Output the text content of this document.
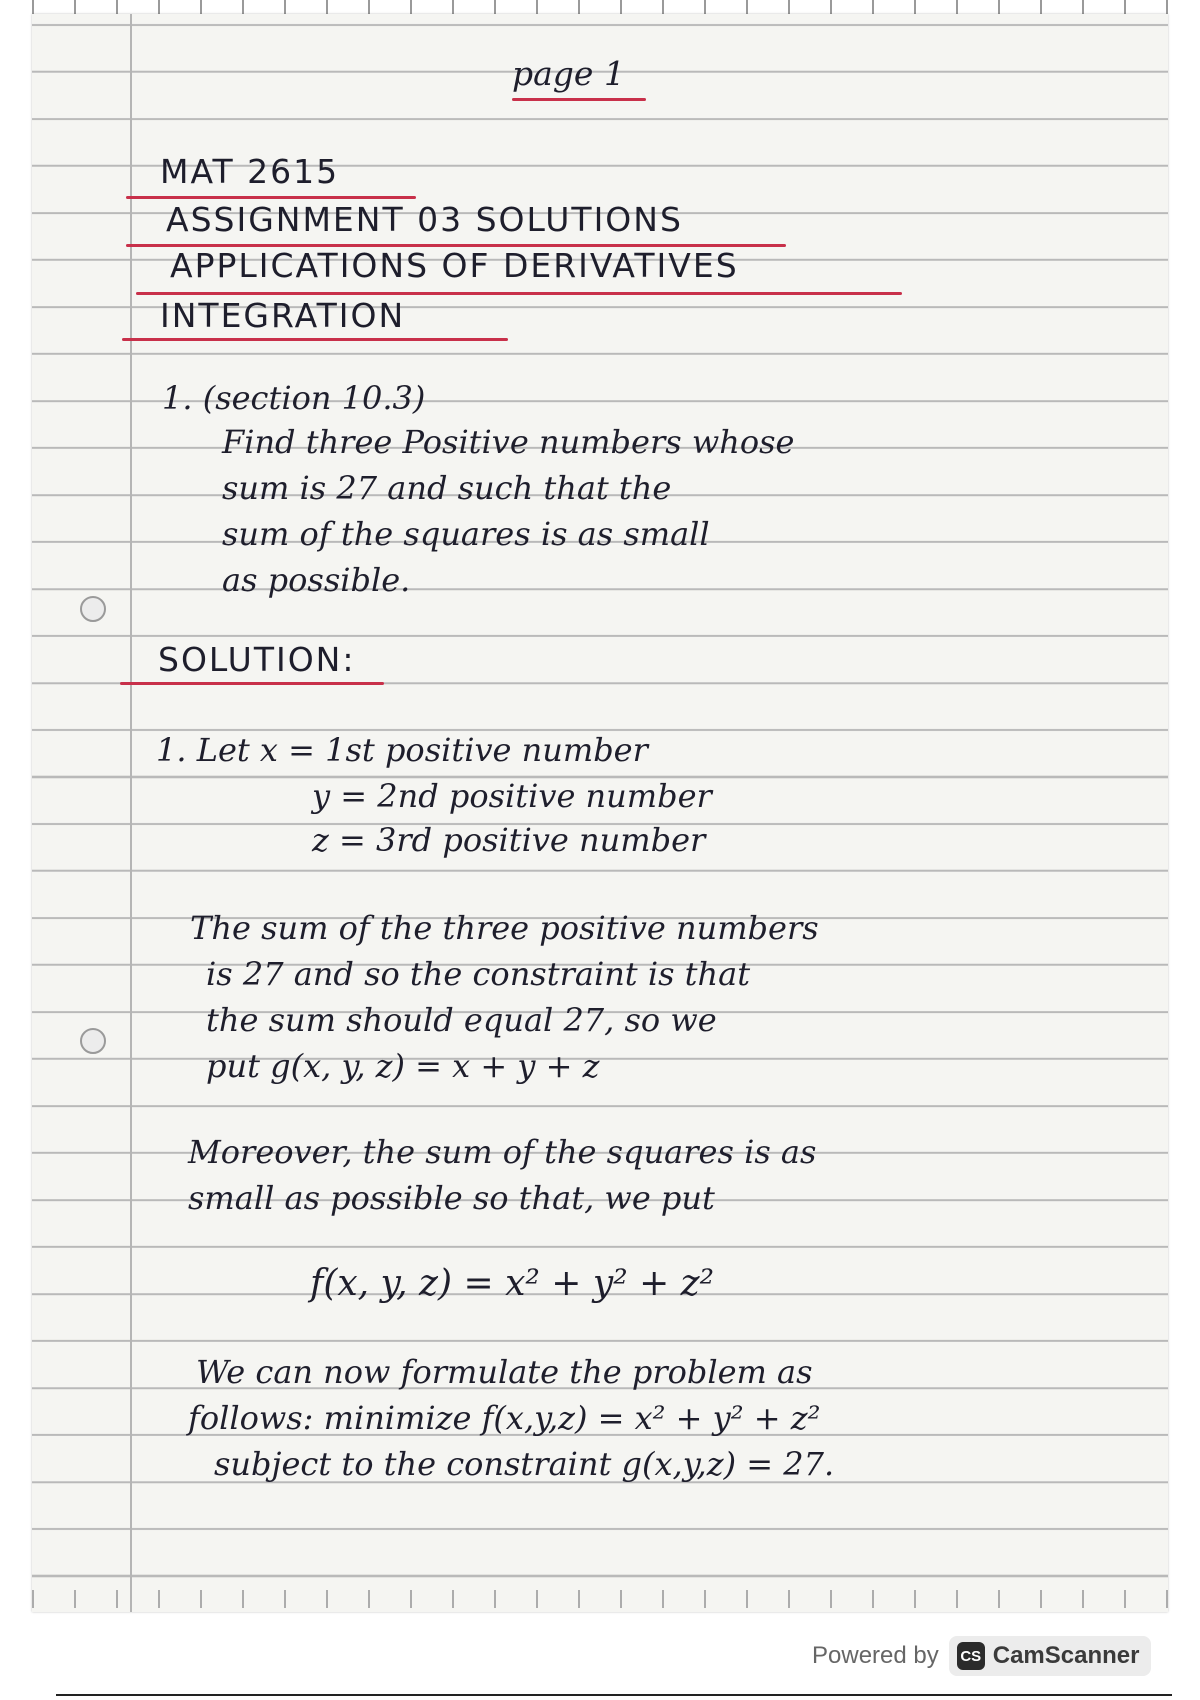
page 1
MAT 2615
ASSIGNMENT 03 SOLUTIONS
APPLICATIONS OF DERIVATIVES
INTEGRATION
1. (section 10.3)
Find three Positive numbers whose
sum is 27 and such that the
sum of the squares is as small
as possible.
SOLUTION:
1. Let x = 1st positive number
y = 2nd positive number
z = 3rd positive number
The sum of the three positive numbers
is 27 and so the constraint is that
the sum should equal 27, so we
put g(x, y, z) = x + y + z
Moreover, the sum of the squares is as
small as possible so that, we put
f(x, y, z) = x² + y² + z²
We can now formulate the problem as
follows: minimize f(x,y,z) = x² + y² + z²
subject to the constraint g(x,y,z) = 27.
Powered by CS CamScanner
